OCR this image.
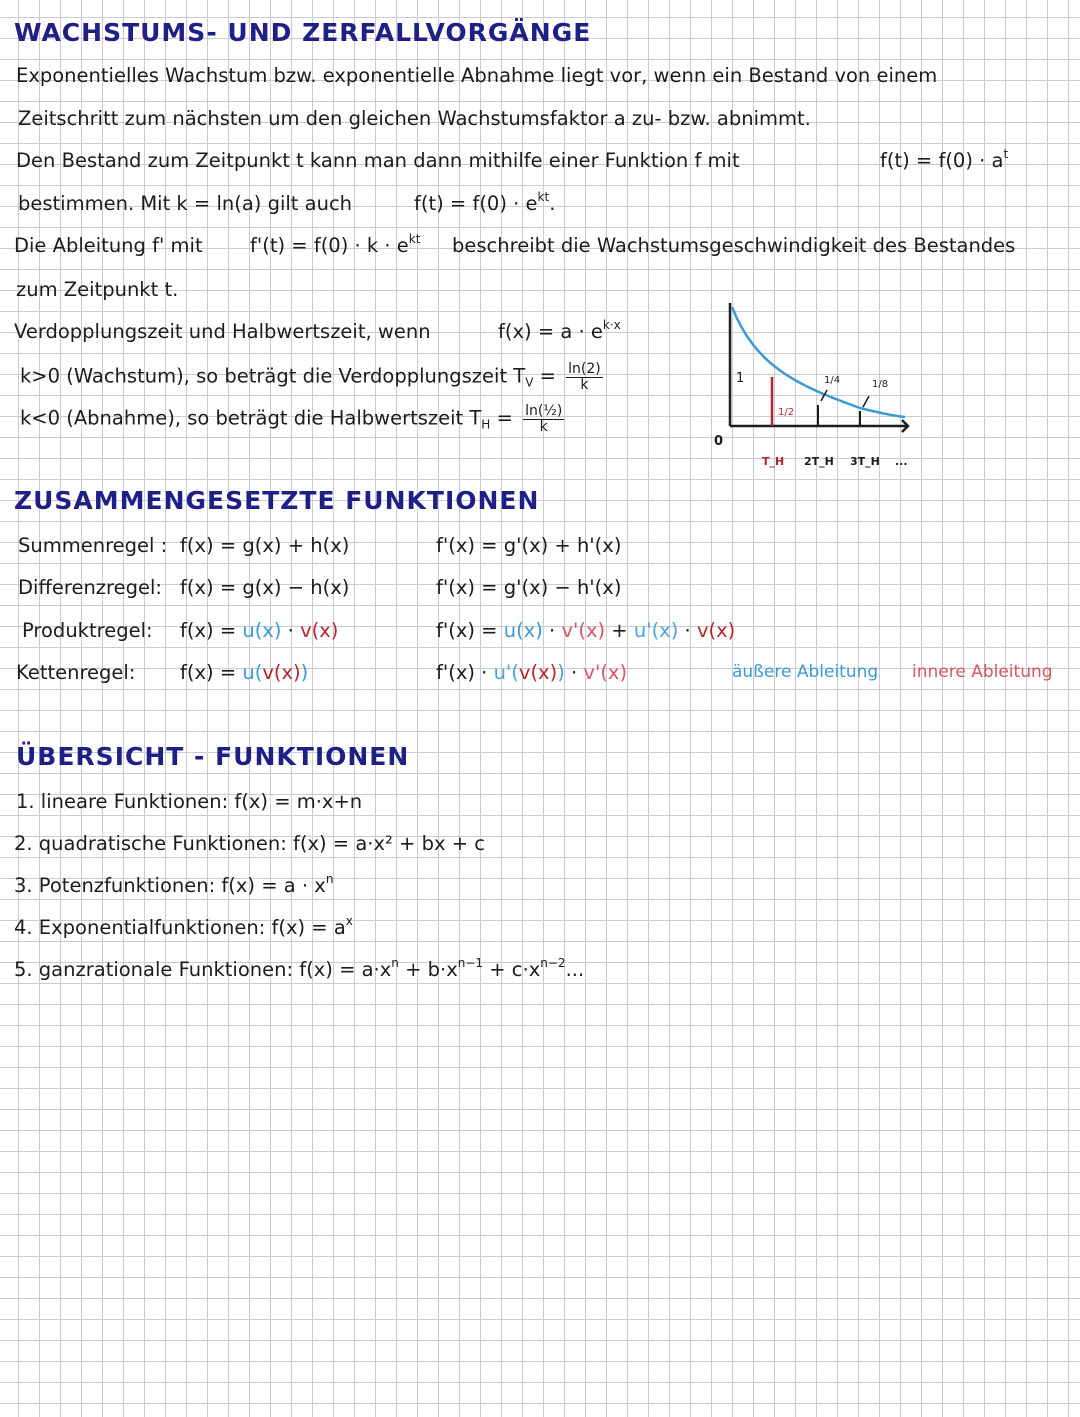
WACHSTUMS- UND ZERFALLVORGÄNGE
Exponentielles Wachstum bzw. exponentielle Abnahme liegt vor, wenn ein Bestand von einem
Zeitschritt zum nächsten um den gleichen Wachstumsfaktor a zu- bzw. abnimmt.
Den Bestand zum Zeitpunkt t kann man dann mithilfe einer Funktion f mit	$f(t) = f(0) \cdot a^t$
bestimmen. Mit k = ln(a) gilt auch	$f(t) = f(0) \cdot e^{kt}$.
Die Ableitung f' mit $f'(t) = f(0) \cdot k \cdot e^{kt}$ beschreibt die Wachstumsgeschwindigkeit des Bestandes
zum Zeitpunkt t.
Verdopplungszeit und Halbwertszeit, wenn	$f(x) = a \cdot e^{k\cdot x}$
k>0 (Wachstum), so beträgt die Verdopplungszeit $T_V = \frac{\ln(2)}{k}$
k<0 (Abnahme), so beträgt die Halbwertszeit $T_H = \frac{\text{ln(½)}}{k}$
1
0
1/2
1/4	1/8
T_H 2T_H 3T_H ...
ZUSAMMENGESETZTE FUNKTIONEN
Summenregel : f(x) = g(x) + h(x)	f'(x) = g'(x) + h'(x)
Differenzregel: f(x) = g(x) − h(x)	f'(x) = g'(x) − h'(x)
Produktregel: f(x) = u(x) · v(x)	f'(x) = u(x) · v'(x) + u'(x) · v(x)
Kettenregel: f(x) = u(v(x))	f'(x) · u'(v(x)) · v'(x)	äußere Ableitung innere Ableitung
ÜBERSICHT - FUNKTIONEN
1. lineare Funktionen: f(x) = m·x+n
2. quadratische Funktionen: f(x) = a·x² + bx + c
3. Potenzfunktionen: $f(x) = a \cdot x^n$
4. Exponentialfunktionen: $f(x) = a^x$
5. ganzrationale Funktionen: $f(x) = a\cdot x^n + b\cdot x^{n-1} + c\cdot x^{n-2}$...
